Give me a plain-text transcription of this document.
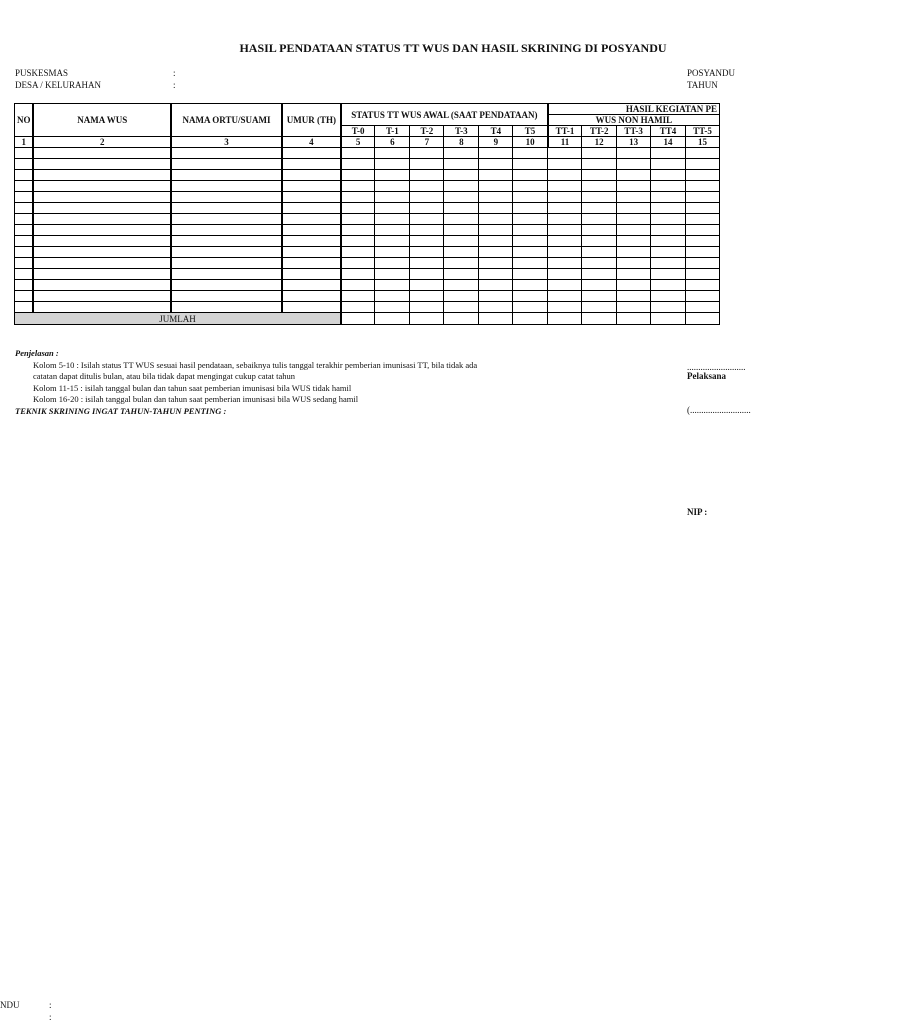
HASIL PENDATAAN STATUS TT WUS DAN HASIL SKRINING DI POSYANDU
PUSKESMAS	:
DESA / KELURAHAN	:
POSYANDU
TAHUN
NO	NAMA WUS	NAMA ORTU/SUAMI	UMUR (TH)	STATUS TT WUS AWAL (SAAT PENDATAAN)						HASIL KEGIATAN PE				
										WUS NON HAMIL				
				T-0	T-1	T-2	T-3	T4	T5	TT-1	TT-2	TT-3	TT4	TT-5
1	2	3	4	5	6	7	8	9	10	11	12	13	14	15

JUMLAH														
Penjelasan :
Kolom 5-10 : Isilah status TT WUS sesuai hasil pendataan, sebaiknya tulis tanggal terakhir pemberian imunisasi TT, bila tidak ada
catatan dapat ditulis bulan, atau bila tidak dapat mengingat cukup catat tahun
Kolom 11-15 : isilah tanggal bulan dan tahun saat pemberian imunisasi bila WUS tidak hamil
Kolom 16-20 : isilah tanggal bulan dan tahun saat pemberian imunisasi bila WUS sedang hamil
TEKNIK SKRINING INGAT TAHUN-TAHUN PENTING :
..........................
Pelaksana
(...........................
NIP :
NDU	:
:
